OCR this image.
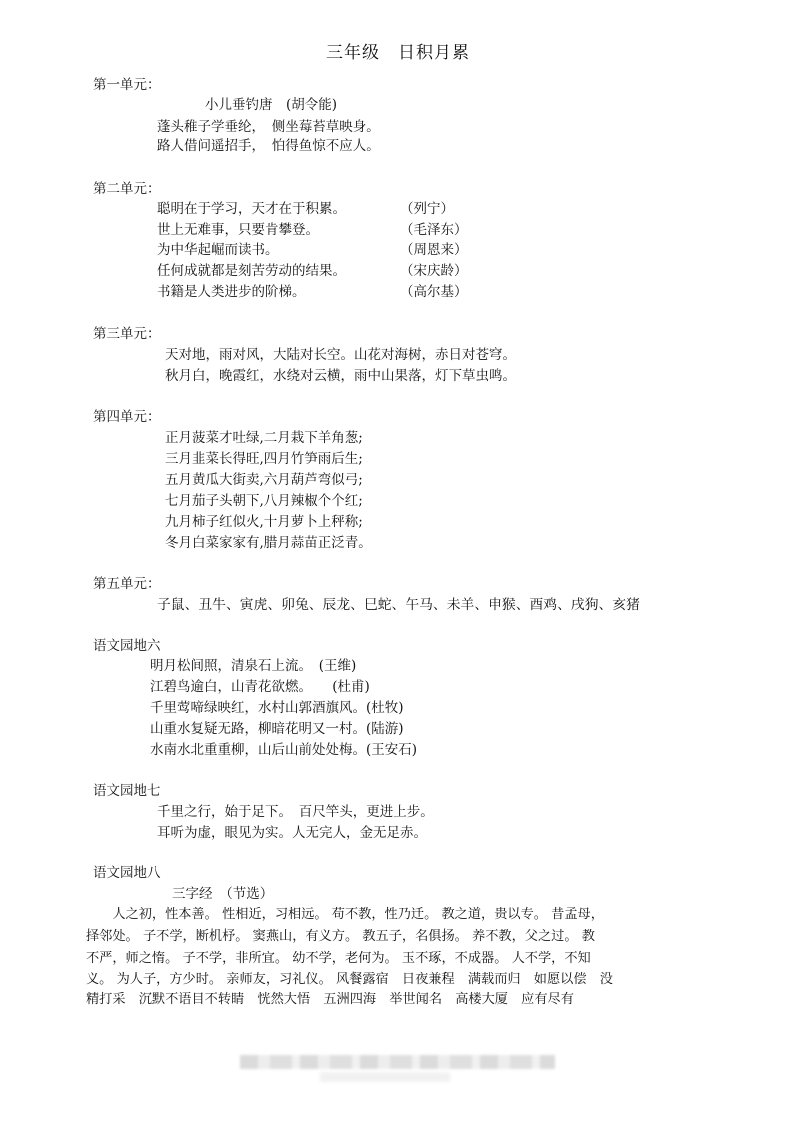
三年级　日积月累
第一单元：
小儿垂钓唐　(胡令能)
蓬头稚子学垂纶，　侧坐莓苔草映身。
路人借问遥招手，　怕得鱼惊不应人。
第二单元：
聪明在于学习，天才在于积累。	（列宁）
世上无难事，只要肯攀登。	（毛泽东）
为中华起崛而读书。	（周恩来）
任何成就都是刻苦劳动的结果。	（宋庆龄）
书籍是人类进步的阶梯。	（高尔基）
第三单元：
天对地，雨对风，大陆对长空。山花对海树，赤日对苍穹。
秋月白，晚霞红，水绕对云横，雨中山果落，灯下草虫鸣。
第四单元：
正月菠菜才吐绿,二月栽下羊角葱;
三月韭菜长得旺,四月竹笋雨后生;
五月黄瓜大街卖,六月葫芦弯似弓;
七月茄子头朝下,八月辣椒个个红;
九月柿子红似火,十月萝卜上秤称;
冬月白菜家家有,腊月蒜苗正泛青。
第五单元：
子鼠、丑牛、寅虎、卯兔、辰龙、巳蛇、午马、未羊、申猴、酉鸡、戌狗、亥猪
语文园地六
明月松间照，清泉石上流。　(王维)
江碧鸟逾白，山青花欲燃。　　(杜甫)
千里莺啼绿映红，水村山郭酒旗风。(杜牧)
山重水复疑无路，柳暗花明又一村。(陆游)
水南水北重重柳，山后山前处处梅。(王安石)
语文园地七
千里之行，始于足下。　百尺竿头，更进上步。
耳听为虚，眼见为实。人无完人，金无足赤。
语文园地八
三字经　（节选）
　　人之初，性本善。 性相近，习相远。 苟不教，性乃迁。 教之道，贵以专。 昔孟母，
择邻处。 子不学，断机杼。 窦燕山，有义方。 教五子，名俱扬。 养不教，父之过。 教
不严，师之惰。 子不学，非所宜。 幼不学，老何为。 玉不琢，不成器。 人不学，不知
义。 为人子，方少时。 亲师友，习礼仪。 风餐露宿　日夜兼程　满载而归　如愿以偿　没
精打采　沉默不语目不转睛　恍然大悟　五洲四海　举世闻名　高楼大厦　应有尽有
